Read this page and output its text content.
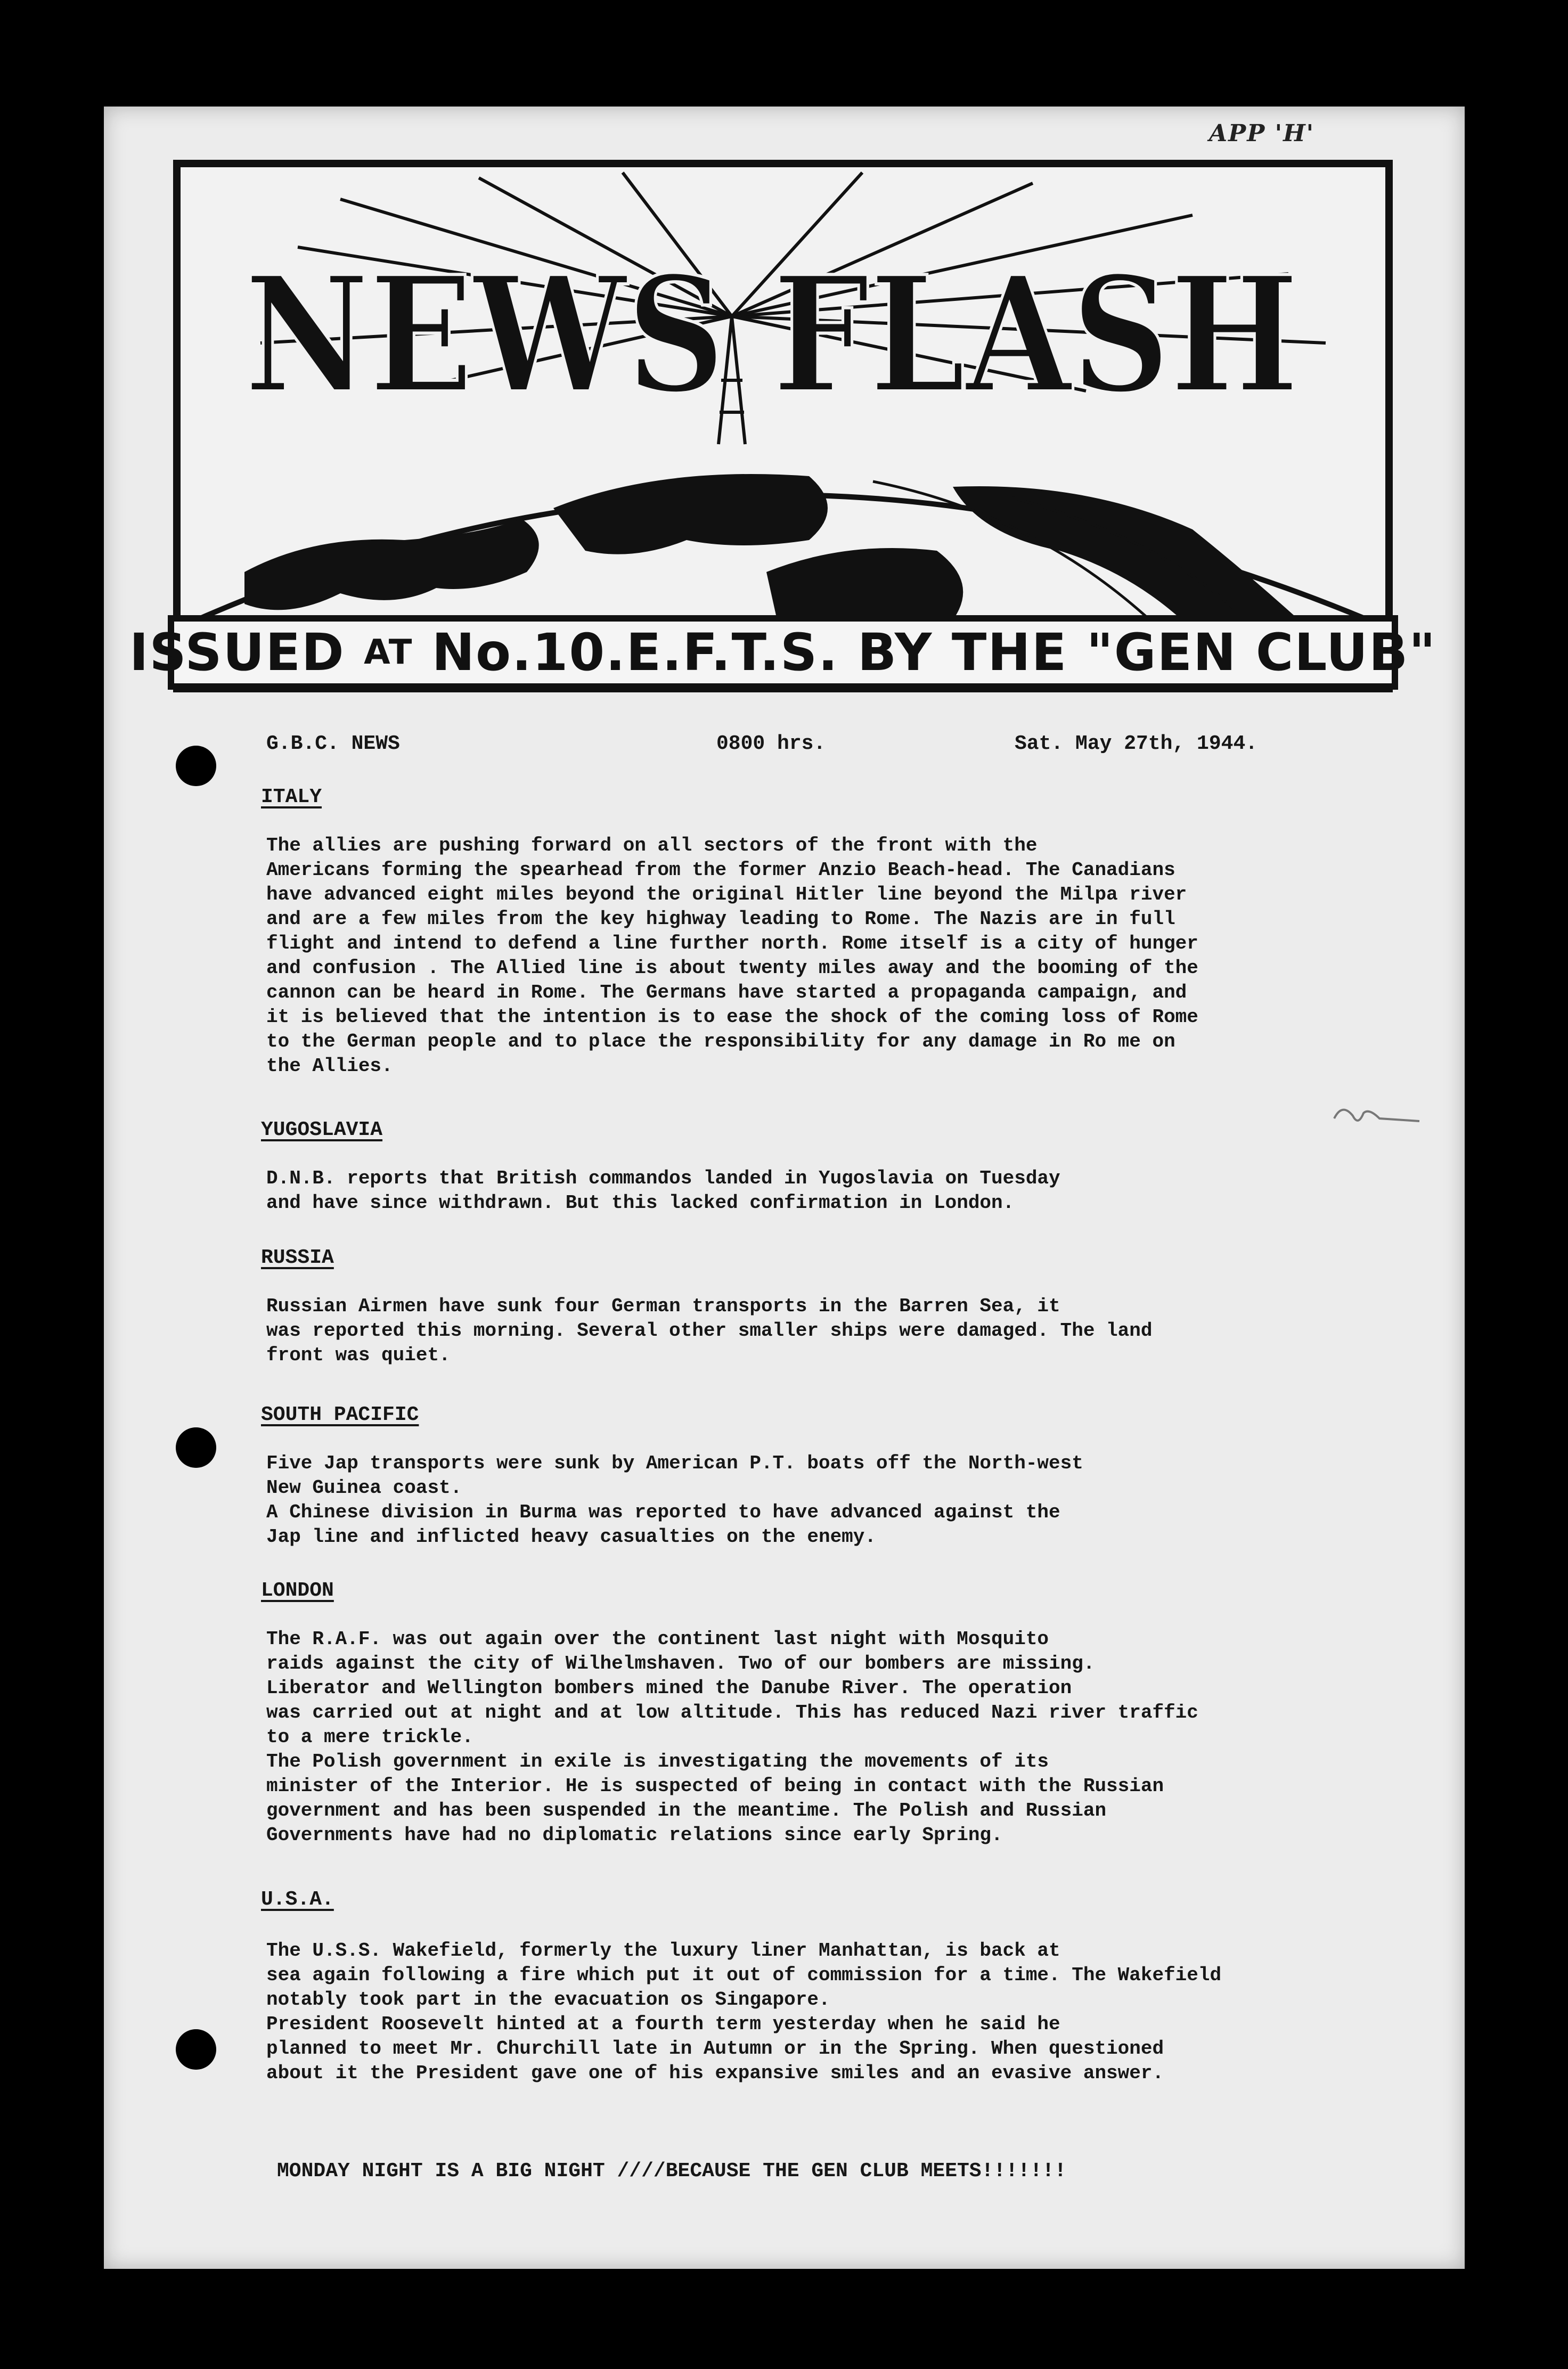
APP 'H'
NEWS FLASH
ISSUED
AT
No.10.E.F.T.S. BY THE "GEN CLUB"
G.B.C. NEWS	0800 hrs.	Sat. May 27th, 1944.
ITALY
The allies are pushing forward on all sectors of the front with the
Americans forming the spearhead from the former Anzio Beach-head. The Canadians
have advanced eight miles beyond the original Hitler line beyond the Milpa river
and are a few miles from the key highway leading to Rome. The Nazis are in full
flight and intend to defend a line further north. Rome itself is a city of hunger
and confusion . The Allied line is about twenty miles away and the booming of the
cannon can be heard in Rome. The Germans have started a propaganda campaign, and
it is believed that the intention is to ease the shock of the coming loss of Rome
to the German people and to place the responsibility for any damage in Ro me on
the Allies.
YUGOSLAVIA
D.N.B. reports that British commandos landed in Yugoslavia on Tuesday
and have since withdrawn. But this lacked confirmation in London.
RUSSIA
Russian Airmen have sunk four German transports in the Barren Sea, it
was reported this morning. Several other smaller ships were damaged. The land
front was quiet.
SOUTH PACIFIC
Five Jap transports were sunk by American P.T. boats off the North-west
New Guinea coast.
A Chinese division in Burma was reported to have advanced against the
Jap line and inflicted heavy casualties on the enemy.
LONDON
The R.A.F. was out again over the continent last night with Mosquito
raids against the city of Wilhelmshaven. Two of our bombers are missing.
Liberator and Wellington bombers mined the Danube River. The operation
was carried out at night and at low altitude. This has reduced Nazi river traffic
to a mere trickle.
The Polish government in exile is investigating the movements of its
minister of the Interior. He is suspected of being in contact with the Russian
government and has been suspended in the meantime. The Polish and Russian
Governments have had no diplomatic relations since early Spring.
U.S.A.
The U.S.S. Wakefield, formerly the luxury liner Manhattan, is back at
sea again following a fire which put it out of commission for a time. The Wakefield
notably took part in the evacuation os Singapore.
President Roosevelt hinted at a fourth term yesterday when he said he
planned to meet Mr. Churchill late in Autumn or in the Spring. When questioned
about it the President gave one of his expansive smiles and an evasive answer.
MONDAY NIGHT IS A BIG NIGHT ////BECAUSE THE GEN CLUB MEETS!!!!!!!
